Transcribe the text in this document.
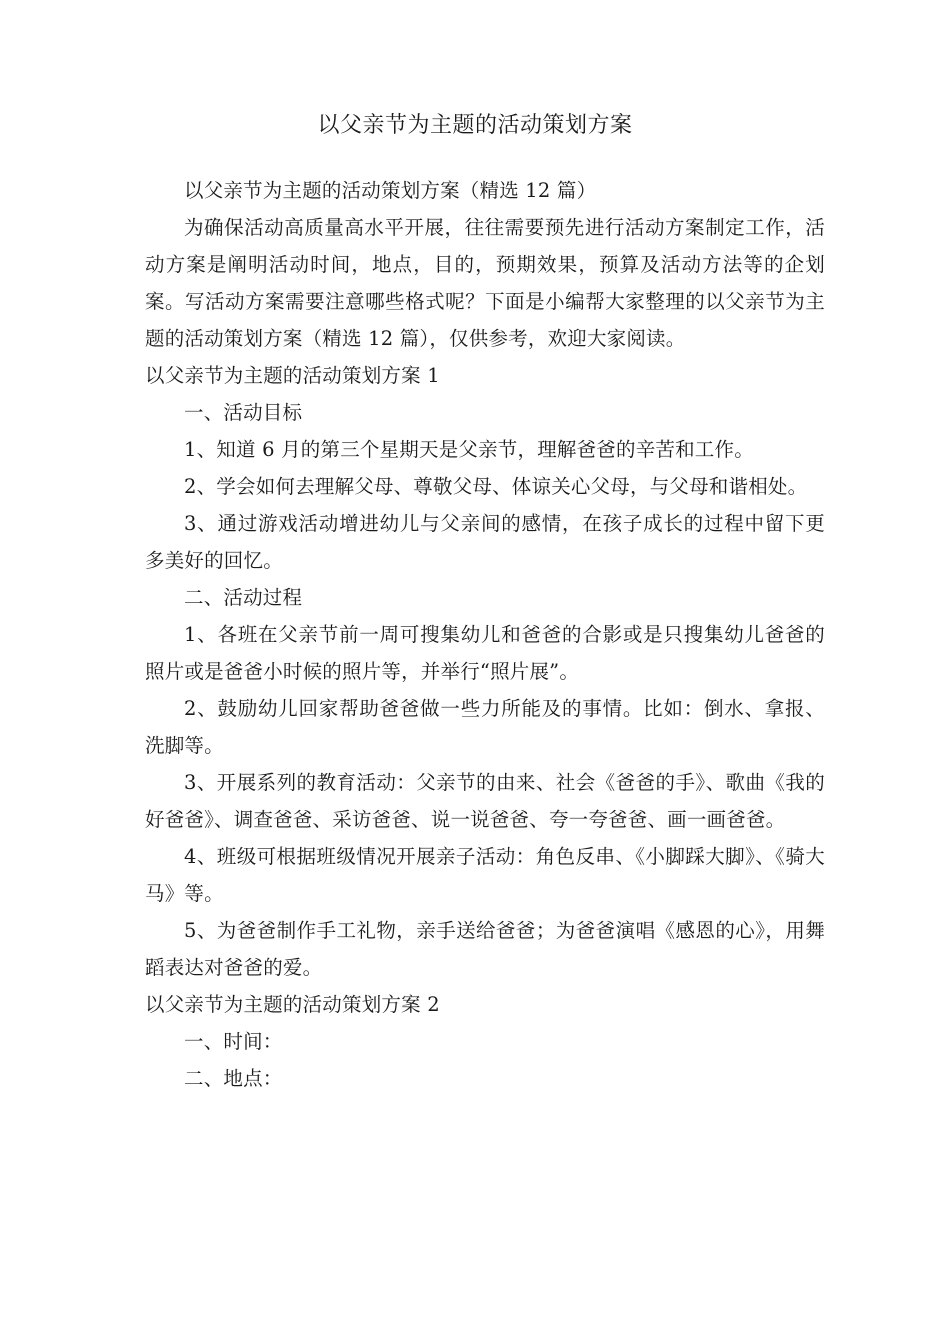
以父亲节为主题的活动策划方案

以父亲节为主题的活动策划方案（精选 12 篇）

为确保活动高质量高水平开展，往往需要预先进行活动方案制定工作，活动方案是阐明活动时间，地点，目的，预期效果，预算及活动方法等的企划案。写活动方案需要注意哪些格式呢？下面是小编帮大家整理的以父亲节为主题的活动策划方案（精选 12 篇），仅供参考，欢迎大家阅读。

以父亲节为主题的活动策划方案 1

一、活动目标

1、知道 6 月的第三个星期天是父亲节，理解爸爸的辛苦和工作。

2、学会如何去理解父母、尊敬父母、体谅关心父母，与父母和谐相处。

3、通过游戏活动增进幼儿与父亲间的感情，在孩子成长的过程中留下更多美好的回忆。

二、活动过程

1、各班在父亲节前一周可搜集幼儿和爸爸的合影或是只搜集幼儿爸爸的照片或是爸爸小时候的照片等，并举行“照片展”。

2、鼓励幼儿回家帮助爸爸做一些力所能及的事情。比如：倒水、拿报、洗脚等。

3、开展系列的教育活动：父亲节的由来、社会《爸爸的手》、歌曲《我的好爸爸》、调查爸爸、采访爸爸、说一说爸爸、夸一夸爸爸、画一画爸爸。

4、班级可根据班级情况开展亲子活动：角色反串、《小脚踩大脚》、《骑大马》等。

5、为爸爸制作手工礼物，亲手送给爸爸；为爸爸演唱《感恩的心》，用舞蹈表达对爸爸的爱。

以父亲节为主题的活动策划方案 2

一、时间：

二、地点：
